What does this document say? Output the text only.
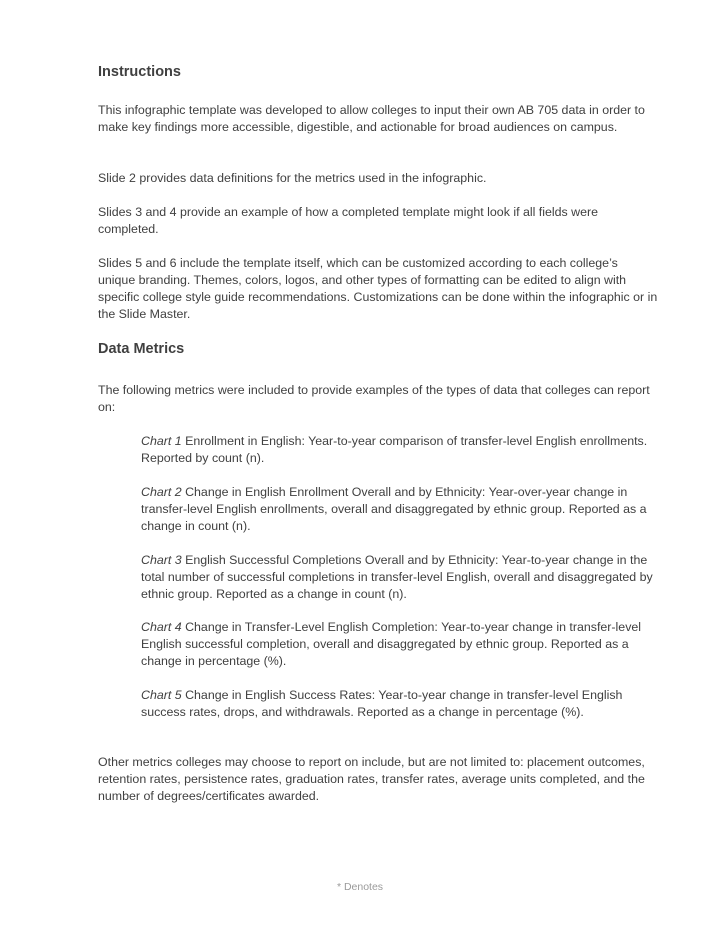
Instructions

This infographic template was developed to allow colleges to input their own AB 705 data in order to make key findings more accessible, digestible, and actionable for broad audiences on campus.

Slide 2 provides data definitions for the metrics used in the infographic.

Slides 3 and 4 provide an example of how a completed template might look if all fields were completed.

Slides 5 and 6 include the template itself, which can be customized according to each college’s unique branding. Themes, colors, logos, and other types of formatting can be edited to align with specific college style guide recommendations. Customizations can be done within the infographic or in the Slide Master.

Data Metrics

The following metrics were included to provide examples of the types of data that colleges can report on:

Chart 1 Enrollment in English: Year-to-year comparison of transfer-level English enrollments. Reported by count (n).

Chart 2 Change in English Enrollment Overall and by Ethnicity: Year-over-year change in transfer-level English enrollments, overall and disaggregated by ethnic group. Reported as a change in count (n).

Chart 3 English Successful Completions Overall and by Ethnicity: Year-to-year change in the total number of successful completions in transfer-level English, overall and disaggregated by ethnic group. Reported as a change in count (n).

Chart 4 Change in Transfer-Level English Completion: Year-to-year change in transfer-level English successful completion, overall and disaggregated by ethnic group. Reported as a change in percentage (%).

Chart 5 Change in English Success Rates: Year-to-year change in transfer-level English success rates, drops, and withdrawals. Reported as a change in percentage (%).

Other metrics colleges may choose to report on include, but are not limited to: placement outcomes, retention rates, persistence rates, graduation rates, transfer rates, average units completed, and the number of degrees/certificates awarded.

* Denotes
